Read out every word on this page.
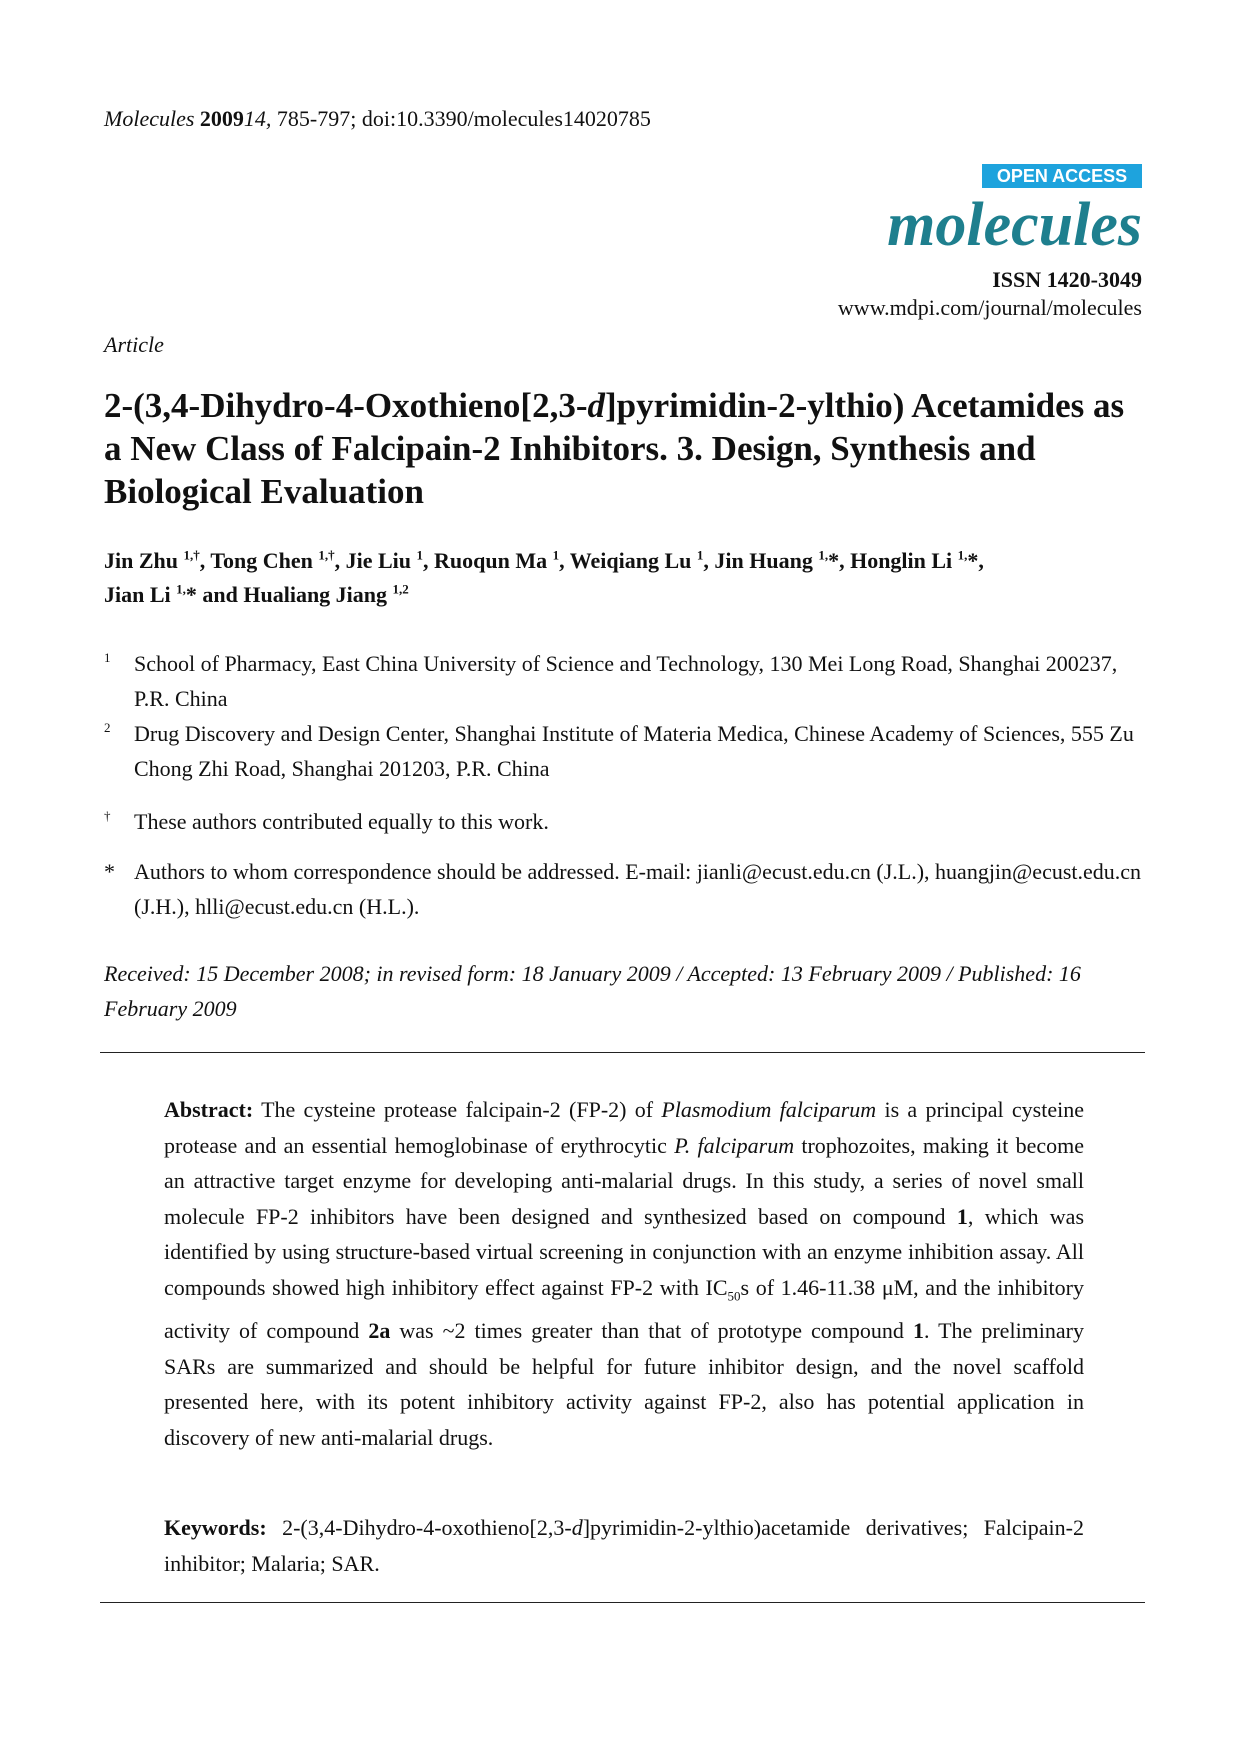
Molecules 200914, 785-797; doi:10.3390/molecules14020785
OPEN ACCESS
molecules
ISSN 1420-3049
www.mdpi.com/journal/molecules
Article
2-(3,4-Dihydro-4-Oxothieno[2,3-d]pyrimidin-2-ylthio) Acetamides as a New Class of Falcipain-2 Inhibitors. 3. Design, Synthesis and Biological Evaluation
Jin Zhu $^{1,\dagger}$, Tong Chen $^{1,\dagger}$, Jie Liu $^1$, Ruoqun Ma $^1$, Weiqiang Lu $^1$, Jin Huang $^{1,}$*, Honglin Li $^{1,}$*,
Jian Li $^{1,}$* and Hualiang Jiang $^{1,2}$
1 School of Pharmacy, East China University of Science and Technology, 130 Mei Long Road, Shanghai 200237, P.R. China
2 Drug Discovery and Design Center, Shanghai Institute of Materia Medica, Chinese Academy of Sciences, 555 Zu Chong Zhi Road, Shanghai 201203, P.R. China
† These authors contributed equally to this work.
* Authors to whom correspondence should be addressed. E-mail: jianli@ecust.edu.cn (J.L.), huangjin@ecust.edu.cn (J.H.), hlli@ecust.edu.cn (H.L.).
Received: 15 December 2008; in revised form: 18 January 2009 / Accepted: 13 February 2009 / Published: 16 February 2009
Abstract: The cysteine protease falcipain-2 (FP-2) of Plasmodium falciparum is a principal cysteine protease and an essential hemoglobinase of erythrocytic P. falciparum trophozoites, making it become an attractive target enzyme for developing anti-malarial drugs. In this study, a series of novel small molecule FP-2 inhibitors have been designed and synthesized based on compound 1, which was identified by using structure-based virtual screening in conjunction with an enzyme inhibition assay. All compounds showed high inhibitory effect against FP-2 with $IC_{50}s$ of 1.46-11.38 μM, and the inhibitory activity of compound 2a was ~2 times greater than that of prototype compound 1. The preliminary SARs are summarized and should be helpful for future inhibitor design, and the novel scaffold presented here, with its potent inhibitory activity against FP-2, also has potential application in discovery of new anti-malarial drugs.
Keywords: 2-(3,4-Dihydro-4-oxothieno[2,3-d]pyrimidin-2-ylthio)acetamide derivatives; Falcipain-2 inhibitor; Malaria; SAR.
